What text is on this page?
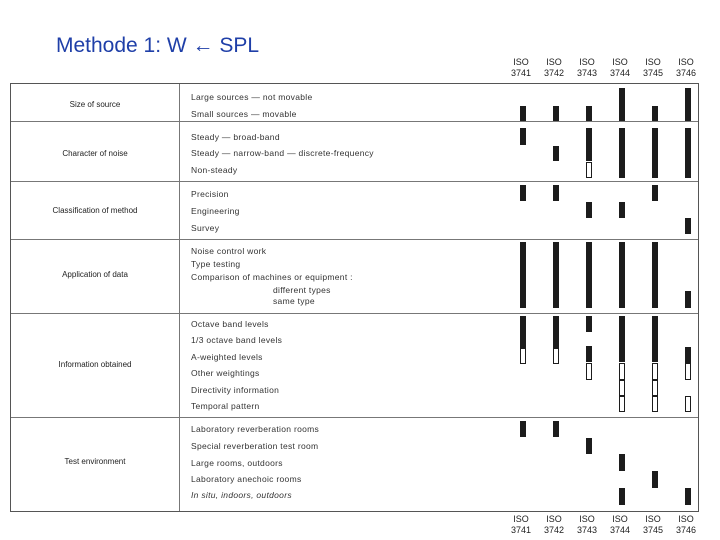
Methode 1: W ← SPL
ISO
3741
ISO
3742
ISO
3743
ISO
3744
ISO
3745
ISO
3746
Size of source
Character of noise
Classification of method
Application of data
Information obtained
Test environment
Large sources — not movable
Small sources — movable
Steady — broad-band
Steady — narrow-band — discrete-frequency
Non-steady
Precision
Engineering
Survey
Noise control work
Type testing
Comparison of machines or equipment :
different types
same type
Octave band levels
1/3 octave band levels
A-weighted levels
Other weightings
Directivity information
Temporal pattern
Laboratory reverberation rooms
Special reverberation test room
Large rooms, outdoors
Laboratory anechoic rooms
In situ, indoors, outdoors
ISO
3741
ISO
3742
ISO
3743
ISO
3744
ISO
3745
ISO
3746
